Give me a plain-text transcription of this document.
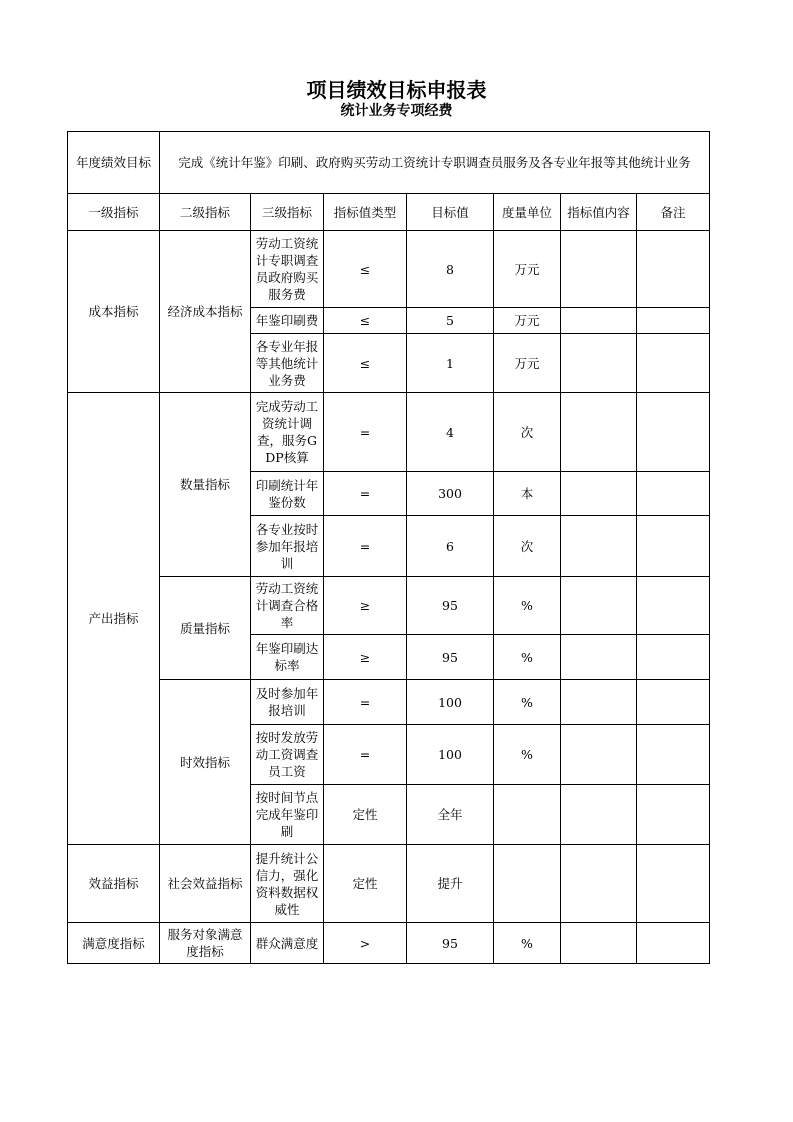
项目绩效目标申报表
统计业务专项经费
年度绩效目标	完成《统计年鉴》印刷、政府购买劳动工资统计专职调查员服务及各专业年报等其他统计业务						
一级指标	二级指标	三级指标	指标值类型	目标值	度量单位	指标值内容	备注
成本指标	经济成本指标	劳动工资统计专职调查员政府购买服务费	≤	8	万元		
		年鉴印刷费	≤	5	万元		
		各专业年报等其他统计业务费	≤	1	万元		
产出指标	数量指标	完成劳动工资统计调查，服务GDP核算	=	4	次		
		印刷统计年鉴份数	=	300	本		
		各专业按时参加年报培训	=	6	次		
	质量指标	劳动工资统计调查合格率	≥	95	%		
		年鉴印刷达标率	≥	95	%		
	时效指标	及时参加年报培训	=	100	%		
		按时发放劳动工资调查员工资	=	100	%		
		按时间节点完成年鉴印刷	定性	全年			
效益指标	社会效益指标	提升统计公信力，强化资料数据权威性	定性	提升			
满意度指标	服务对象满意度指标	群众满意度	>	95	%		
